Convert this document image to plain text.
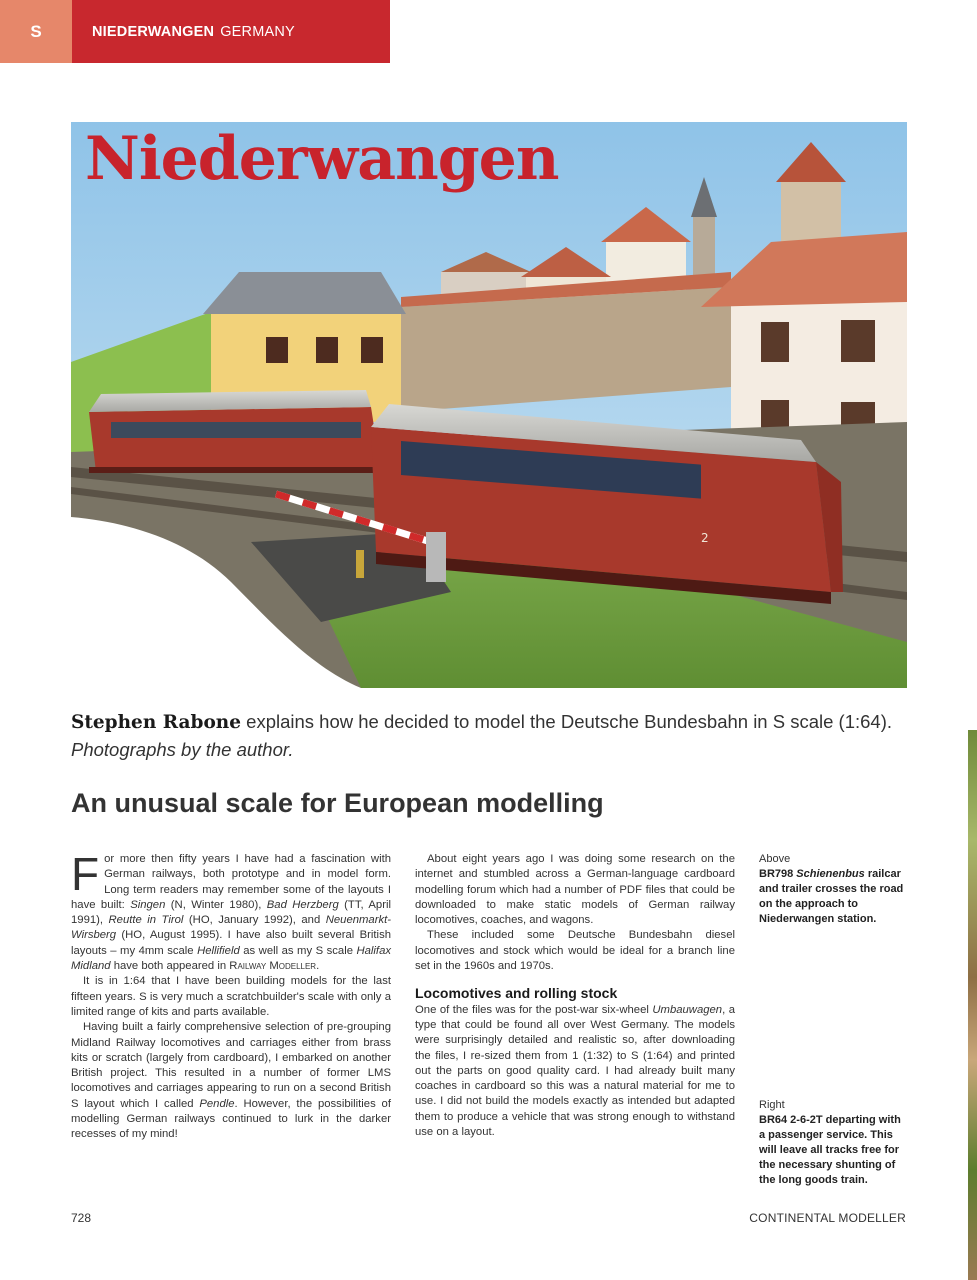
S	NIEDERWANGEN GERMANY
2
Niederwangen
Stephen Rabone explains how he decided to model the Deutsche Bundesbahn in S scale (1:64).
Photographs by the author.
An unusual scale for European modelling

For more then fifty years I have had a fascination with German railways, both prototype and in model form. Long term readers may remember some of the layouts I have built: Singen (N, Winter 1980), Bad Herzberg (TT, April 1991), Reutte in Tirol (HO, January 1992), and Neuenmarkt-Wirsberg (HO, August 1995). I have also built several British layouts – my 4mm scale Hellifield as well as my S scale Halifax Midland have both appeared in Railway Modeller.

It is in 1:64 that I have been building models for the last fifteen years. S is very much a scratchbuilder's scale with only a limited range of kits and parts available.

Having built a fairly comprehensive selection of pre-grouping Midland Railway locomotives and carriages either from brass kits or scratch (largely from cardboard), I embarked on another British project. This resulted in a number of former LMS locomotives and carriages appearing to run on a second British S layout which I called Pendle. However, the possibilities of modelling German railways continued to lurk in the darker recesses of my mind!

About eight years ago I was doing some research on the internet and stumbled across a German-language cardboard modelling forum which had a number of PDF files that could be downloaded to make static models of German railway locomotives, coaches, and wagons.

These included some Deutsche Bundesbahn diesel locomotives and stock which would be ideal for a branch line set in the 1960s and 1970s.

Locomotives and rolling stock

One of the files was for the post-war six-wheel Umbauwagen, a type that could be found all over West Germany. The models were surprisingly detailed and realistic so, after downloading the files, I re-sized them from 1 (1:32) to S (1:64) and printed out the parts on good quality card. I had already built many coaches in cardboard so this was a natural material for me to use. I did not build the models exactly as intended but adapted them to produce a vehicle that was strong enough to withstand use on a layout.

Above
BR798 Schienenbus railcar and trailer crosses the road on the approach to Niederwangen station.
Right
BR64 2-6-2T departing with a passenger service. This will leave all tracks free for the necessary shunting of the long goods train.
728	CONTINENTAL MODELLER
